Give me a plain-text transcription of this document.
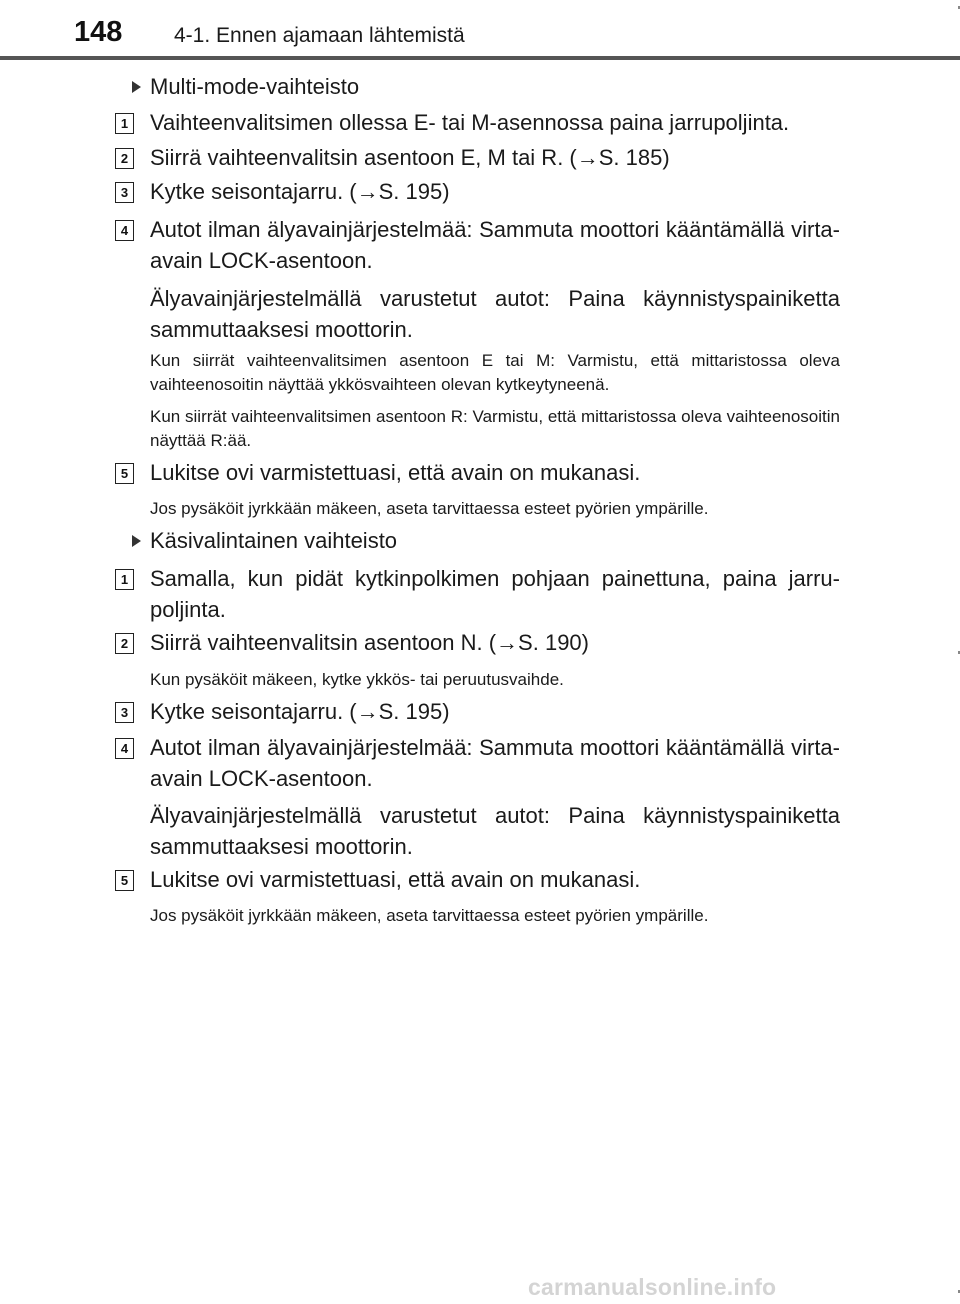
148 4-1. Ennen ajamaan lähtemistä
Multi-mode-vaihteisto
1 Vaihteenvalitsimen ollessa E- tai M-asennossa paina jarrupoljinta.
2 Siirrä vaihteenvalitsin asentoon E, M tai R. (→S. 185)
3 Kytke seisontajarru. (→S. 195)
4 Autot ilman älyavainjärjestelmää: Sammuta moottori kääntämällä virta-avain LOCK-asentoon.
Älyavainjärjestelmällä varustetut autot: Paina käynnistyspainiketta sammuttaaksesi moottorin.
Kun siirrät vaihteenvalitsimen asentoon E tai M: Varmistu, että mittaristossa oleva vaihteenosoitin näyttää ykkösvaihteen olevan kytkeytyneenä.
Kun siirrät vaihteenvalitsimen asentoon R: Varmistu, että mittaristossa oleva vaihteenosoitin näyttää R:ää.
5 Lukitse ovi varmistettuasi, että avain on mukanasi.
Jos pysäköit jyrkkään mäkeen, aseta tarvittaessa esteet pyörien ympärille.
Käsivalintainen vaihteisto
1 Samalla, kun pidät kytkinpolkimen pohjaan painettuna, paina jarrupoljinta.
2 Siirrä vaihteenvalitsin asentoon N. (→S. 190)
Kun pysäköit mäkeen, kytke ykkös- tai peruutusvaihde.
3 Kytke seisontajarru. (→S. 195)
4 Autot ilman älyavainjärjestelmää: Sammuta moottori kääntämällä virta-avain LOCK-asentoon.
Älyavainjärjestelmällä varustetut autot: Paina käynnistyspainiketta sammuttaaksesi moottorin.
5 Lukitse ovi varmistettuasi, että avain on mukanasi.
Jos pysäköit jyrkkään mäkeen, aseta tarvittaessa esteet pyörien ympärille.
carmanualsonline.info
